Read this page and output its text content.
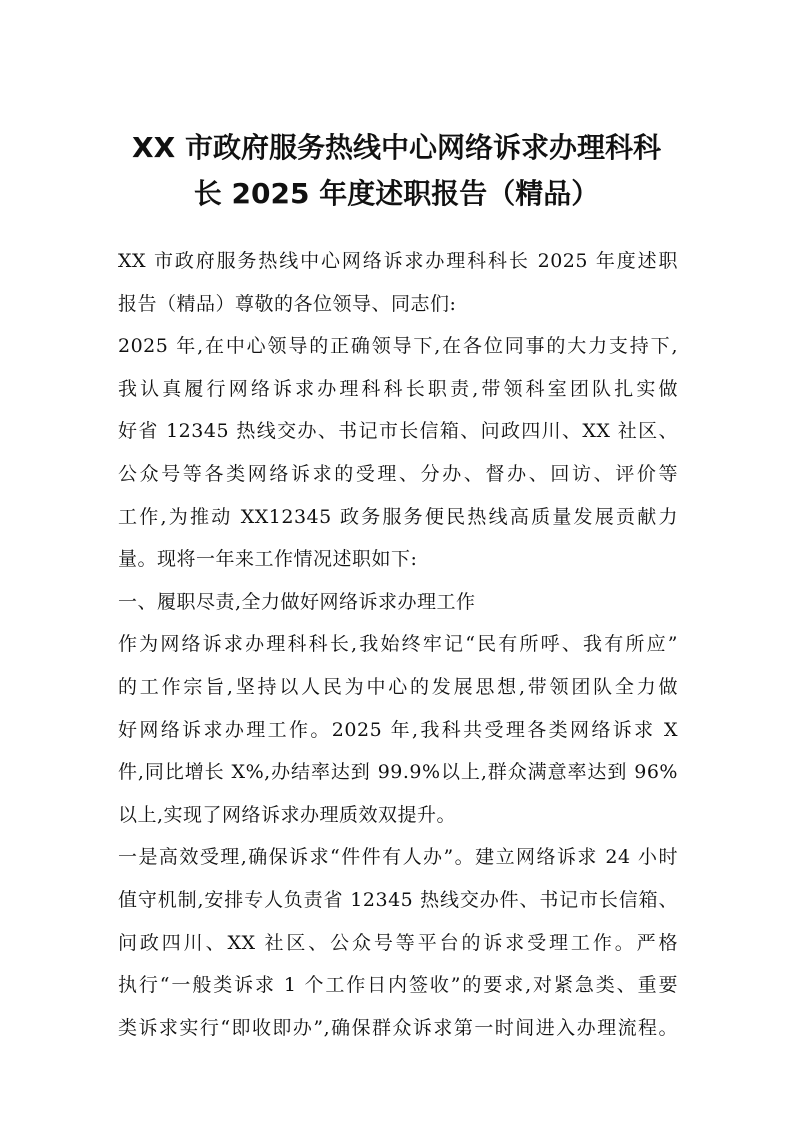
XX 市政府服务热线中心网络诉求办理科科
长 2025 年度述职报告（精品）
XX 市政府服务热线中心网络诉求办理科科长 2025 年度述职
报告（精品）尊敬的各位领导、同志们:
2025 年,在中心领导的正确领导下,在各位同事的大力支持下,
我认真履行网络诉求办理科科长职责,带领科室团队扎实做
好省 12345 热线交办、书记市长信箱、问政四川、XX 社区、
公众号等各类网络诉求的受理、分办、督办、回访、评价等
工作,为推动 XX12345 政务服务便民热线高质量发展贡献力
量。现将一年来工作情况述职如下:
一、履职尽责,全力做好网络诉求办理工作
作为网络诉求办理科科长,我始终牢记“民有所呼、我有所应”
的工作宗旨,坚持以人民为中心的发展思想,带领团队全力做
好网络诉求办理工作。2025 年,我科共受理各类网络诉求 X
件,同比增长 X%,办结率达到 99.9%以上,群众满意率达到 96%
以上,实现了网络诉求办理质效双提升。
一是高效受理,确保诉求“件件有人办”。建立网络诉求 24 小时
值守机制,安排专人负责省 12345 热线交办件、书记市长信箱、
问政四川、XX 社区、公众号等平台的诉求受理工作。严格
执行“一般类诉求 1 个工作日内签收”的要求,对紧急类、重要
类诉求实行“即收即办”,确保群众诉求第一时间进入办理流程。
